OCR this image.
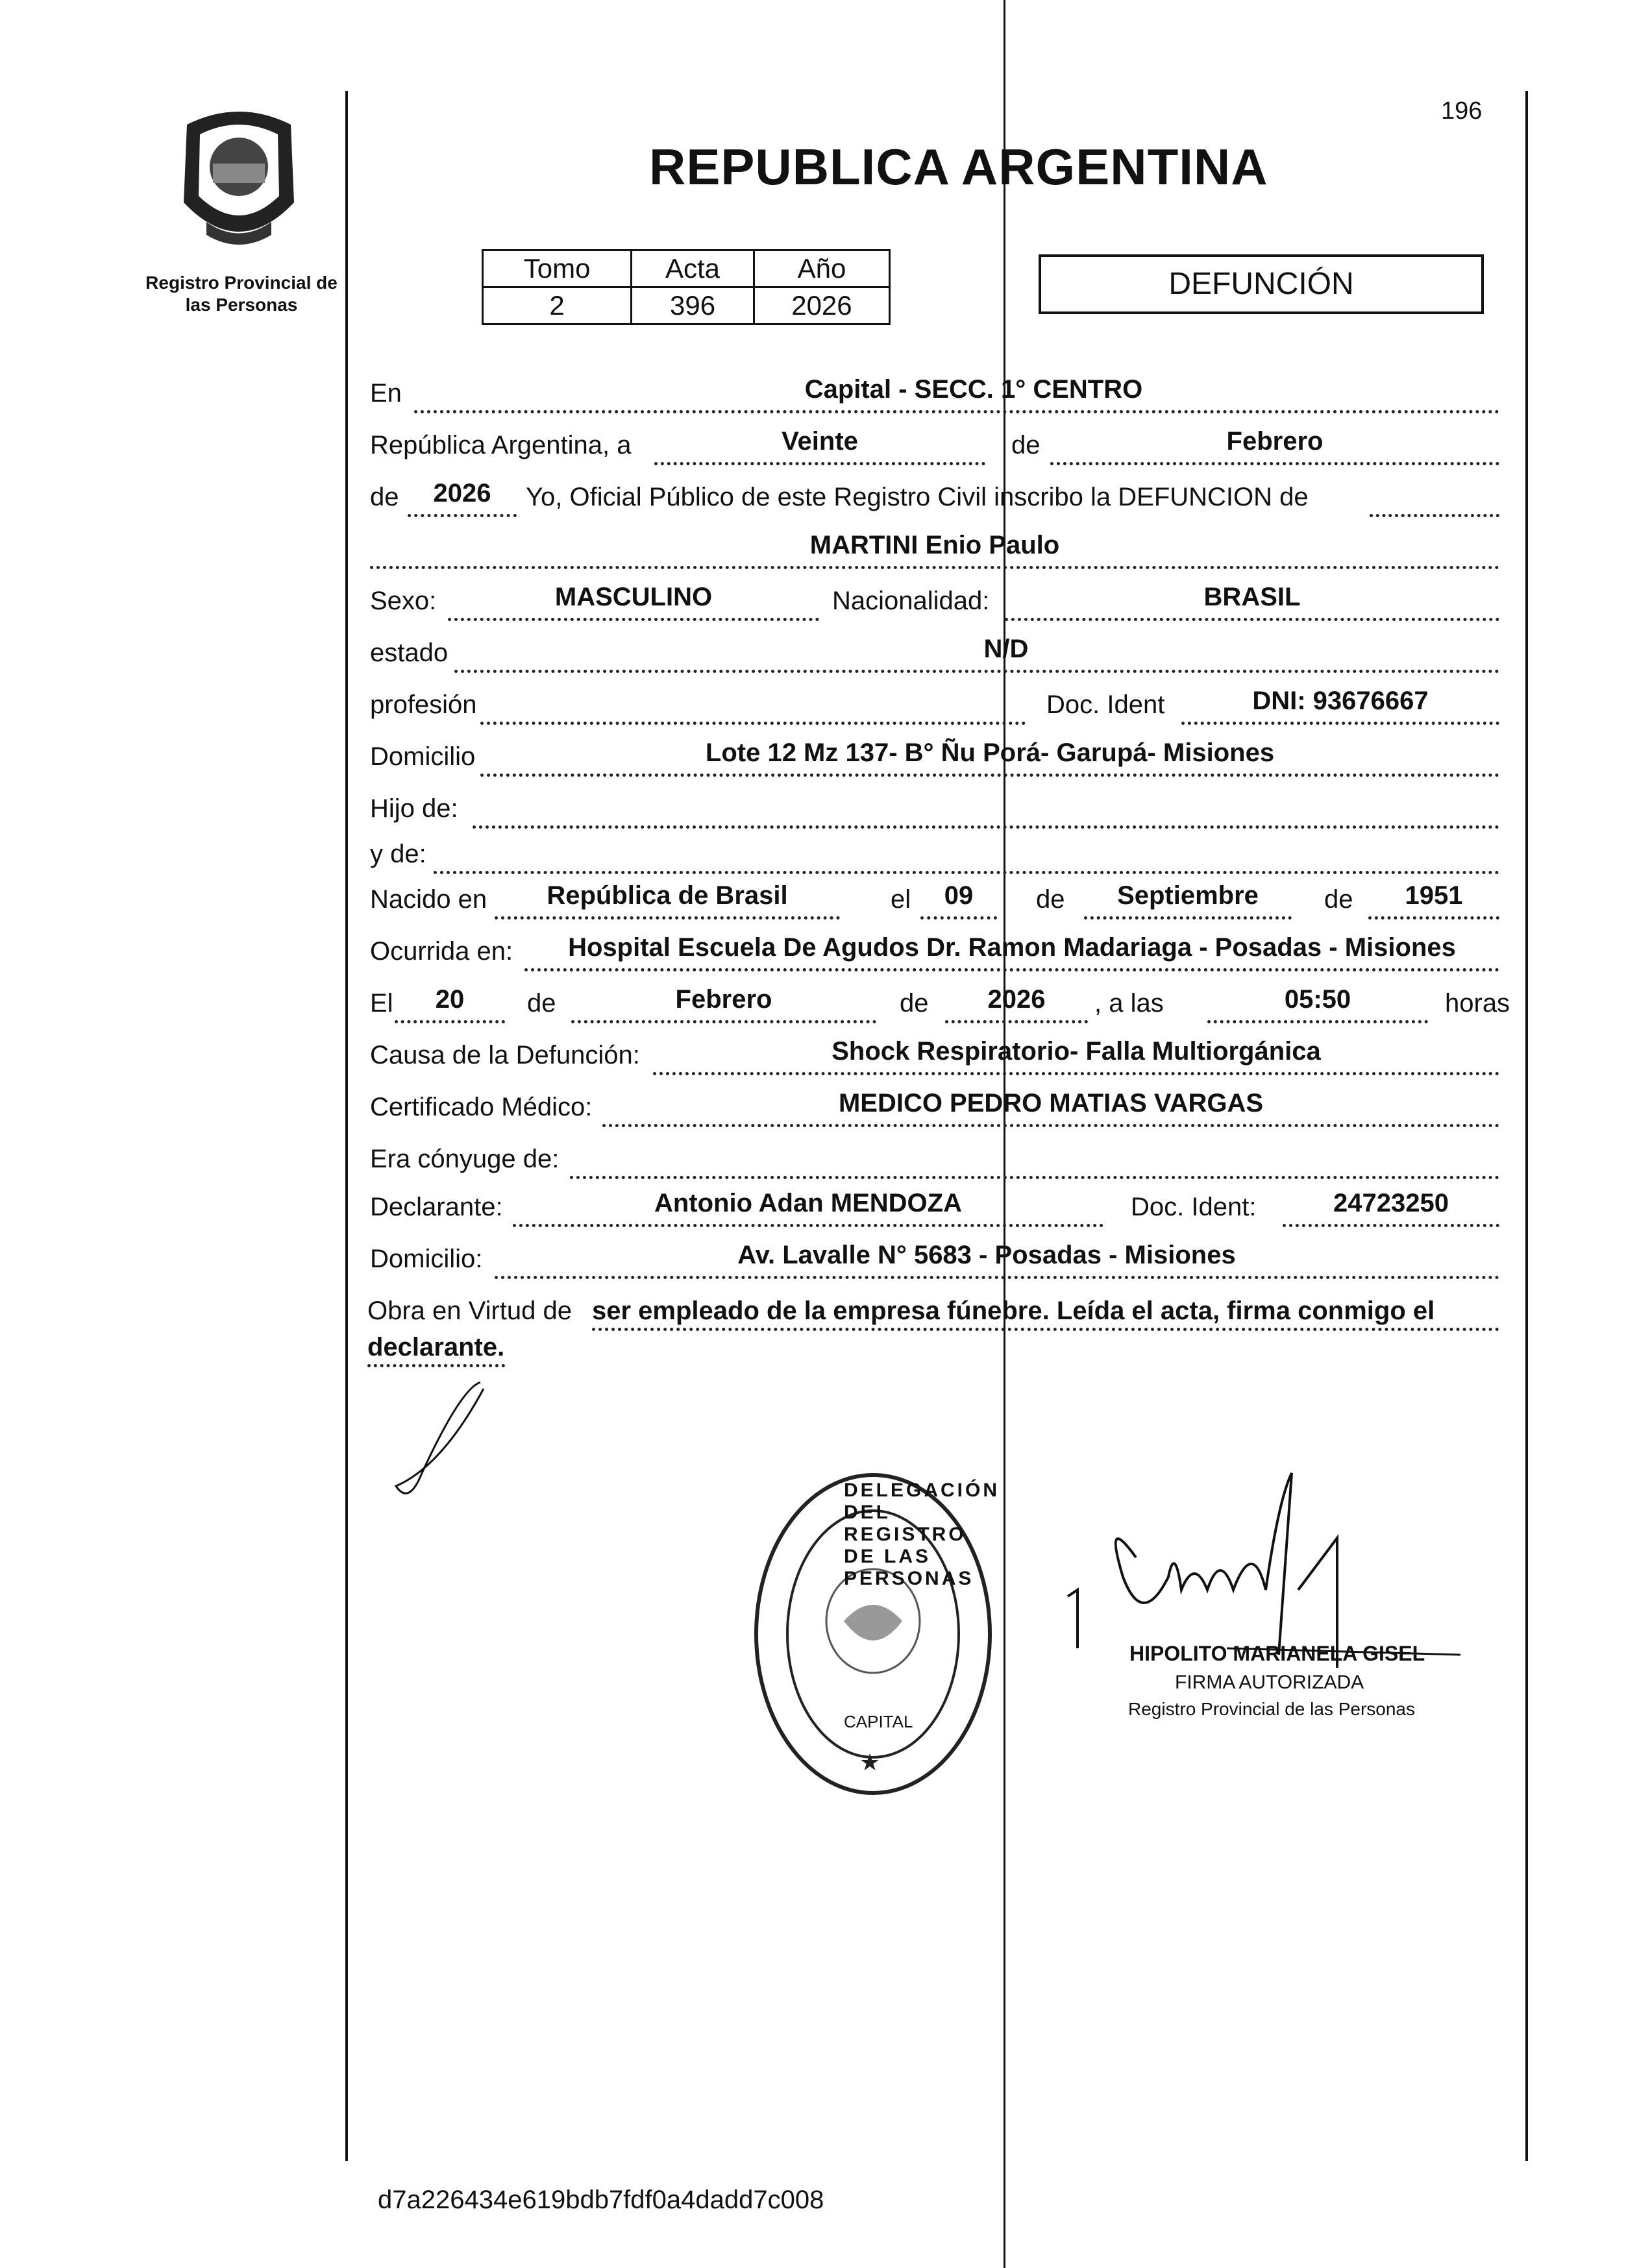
196
Registro Provincial de
las Personas
REPUBLICA ARGENTINA
Tomo	Acta	Año
2	396	2026
DEFUNCIÓN
En	Capital - SECC. 1° CENTRO
República Argentina, a	Veinte	de	Febrero
de	2026	Yo, Oficial Público de este Registro Civil inscribo la DEFUNCION de
MARTINI Enio Paulo
Sexo:	MASCULINO	Nacionalidad:	BRASIL
estado	N/D
profesión	Doc. Ident	DNI: 93676667
Domicilio	Lote 12 Mz 137- B° Ñu Porá- Garupá- Misiones
Hijo de:
y de:
Nacido en	República de Brasil	el	09	de	Septiembre	de	1951
Ocurrida en:	Hospital Escuela De Agudos Dr. Ramon Madariaga - Posadas - Misiones
El	20	de	Febrero	de	2026	, a las	05:50	horas
Causa de la Defunción:	Shock Respiratorio- Falla Multiorgánica
Certificado Médico:	MEDICO PEDRO MATIAS VARGAS
Era cónyuge de:
Declarante:	Antonio Adan MENDOZA	Doc. Ident:	24723250
Domicilio:	Av. Lavalle N° 5683 - Posadas - Misiones
Obra en Virtud de ser empleado de la empresa fúnebre. Leída el acta, firma conmigo el
declarante.
★
DELEGACIÓN DEL REGISTRO DE LAS PERSONAS
CAPITAL
HIPOLITO MARIANELA GISEL
FIRMA AUTORIZADA
Registro Provincial de las Personas
d7a226434e619bdb7fdf0a4dadd7c008
